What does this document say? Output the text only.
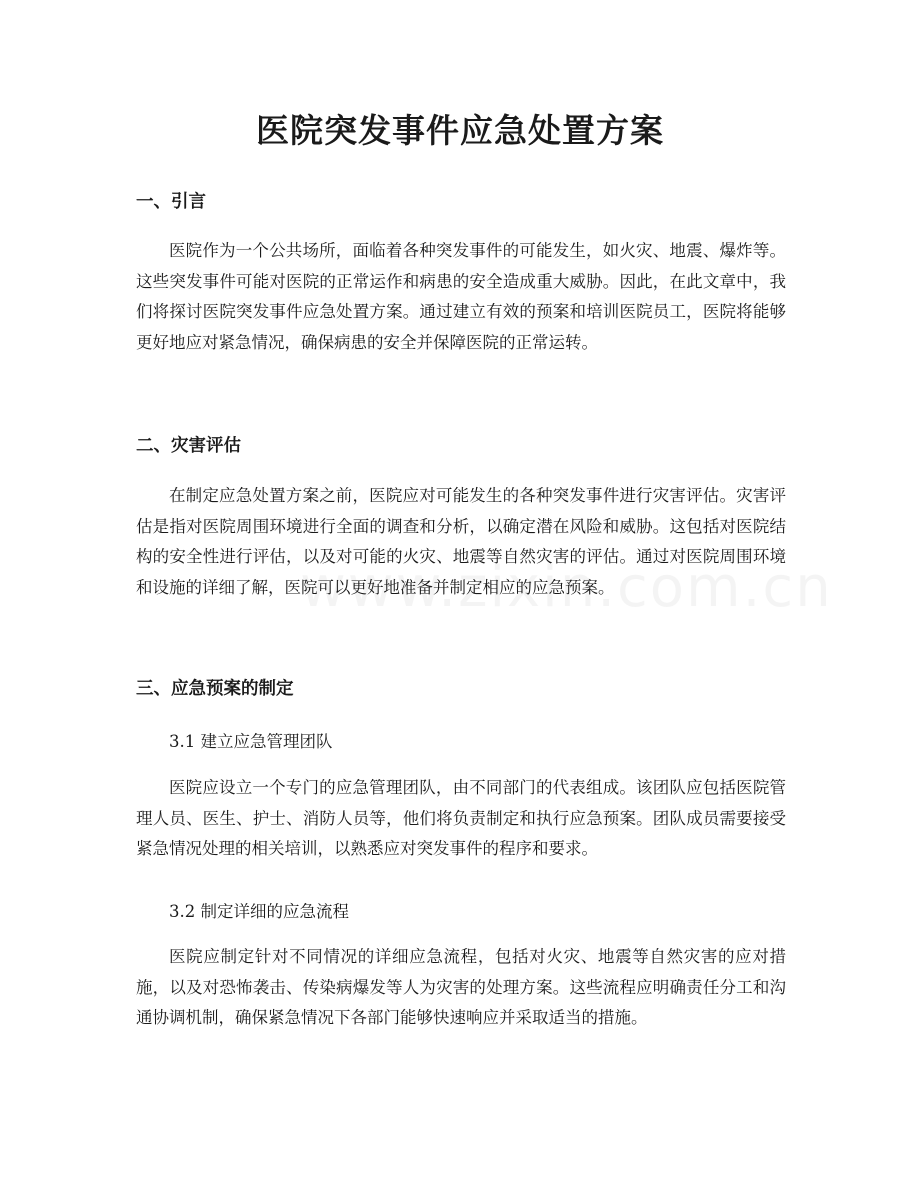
医院突发事件应急处置方案
一、引言

医院作为一个公共场所，面临着各种突发事件的可能发生，如火灾、地震、爆炸等。这些突发事件可能对医院的正常运作和病患的安全造成重大威胁。因此，在此文章中，我们将探讨医院突发事件应急处置方案。通过建立有效的预案和培训医院员工，医院将能够更好地应对紧急情况，确保病患的安全并保障医院的正常运转。

二、灾害评估

在制定应急处置方案之前，医院应对可能发生的各种突发事件进行灾害评估。灾害评估是指对医院周围环境进行全面的调查和分析，以确定潜在风险和威胁。这包括对医院结构的安全性进行评估，以及对可能的火灾、地震等自然灾害的评估。通过对医院周围环境和设施的详细了解，医院可以更好地准备并制定相应的应急预案。

三、应急预案的制定
3.1 建立应急管理团队

医院应设立一个专门的应急管理团队，由不同部门的代表组成。该团队应包括医院管理人员、医生、护士、消防人员等，他们将负责制定和执行应急预案。团队成员需要接受紧急情况处理的相关培训，以熟悉应对突发事件的程序和要求。

3.2 制定详细的应急流程

医院应制定针对不同情况的详细应急流程，包括对火灾、地震等自然灾害的应对措施，以及对恐怖袭击、传染病爆发等人为灾害的处理方案。这些流程应明确责任分工和沟通协调机制，确保紧急情况下各部门能够快速响应并采取适当的措施。
